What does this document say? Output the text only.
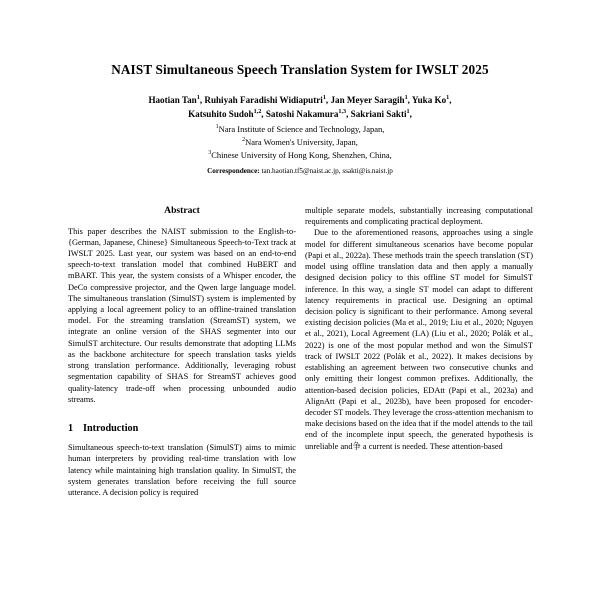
NAIST Simultaneous Speech Translation System for IWSLT 2025
Haotian Tan$^1$, Ruhiyah Faradishi Widiaputri$^1$, Jan Meyer Saragih$^1$, Yuka Ko$^1$,
Katsuhito Sudoh$^{1,2}$, Satoshi Nakamura$^{1,3}$, Sakriani Sakti$^1$,
$^1$Nara Institute of Science and Technology, Japan,
$^2$Nara Women's University, Japan,
$^3$Chinese University of Hong Kong, Shenzhen, China,
Correspondence: tan.haotian.tf5@naist.ac.jp, ssakti@is.naist.jp
Abstract

This paper describes the NAIST submission to the English-to-{German, Japanese, Chinese} Simultaneous Speech-to-Text track at IWSLT 2025. Last year, our system was based on an end-to-end speech-to-text translation model that combined HuBERT and mBART. This year, the system consists of a Whisper encoder, the DeCo compressive projector, and the Qwen large language model. The simultaneous translation (SimulST) system is implemented by applying a local agreement policy to an offline-trained translation model. For the streaming translation (StreamST) system, we integrate an online version of the SHAS segmenter into our SimulST architecture. Our results demonstrate that adopting LLMs as the backbone architecture for speech translation tasks yields strong translation performance. Additionally, leveraging robust segmentation capability of SHAS for StreamST achieves good quality-latency trade-off when processing unbounded audio streams.

1 Introduction

Simultaneous speech-to-text translation (SimulST) aims to mimic human interpreters by providing real-time translation with low latency while maintaining high translation quality. In SimulST, the system generates translation before receiving the full source utterance. A decision policy is required

multiple separate models, substantially increasing computational requirements and complicating practical deployment.

Due to the aforementioned reasons, approaches using a single model for different simultaneous scenarios have become popular (Papi et al., 2022a). These methods train the speech translation (ST) model using offline translation data and then apply a manually designed decision policy to this offline ST model for SimulST inference. In this way, a single ST model can adapt to different latency requirements in practical use. Designing an optimal decision policy is significant to their performance. Among several existing decision policies (Ma et al., 2019; Liu et al., 2020; Nguyen et al., 2021), Local Agreement (LA) (Liu et al., 2020; Polák et al., 2022) is one of the most popular method and won the SimulST track of IWSLT 2022 (Polák et al., 2022). It makes decisions by establishing an agreement between two consecutive chunks and only emitting their longest common prefixes. Additionally, the attention-based decision policies, EDAtt (Papi et al., 2023a) and AlignAtt (Papi et al., 2023b), have been proposed for encoder-decoder ST models. They leverage the cross-attention mechanism to make decisions based on the idea that if the model attends to the tail end of the incomplete input speech, the generated hypothesis is unreliable and争 a current is needed. These attention-based
